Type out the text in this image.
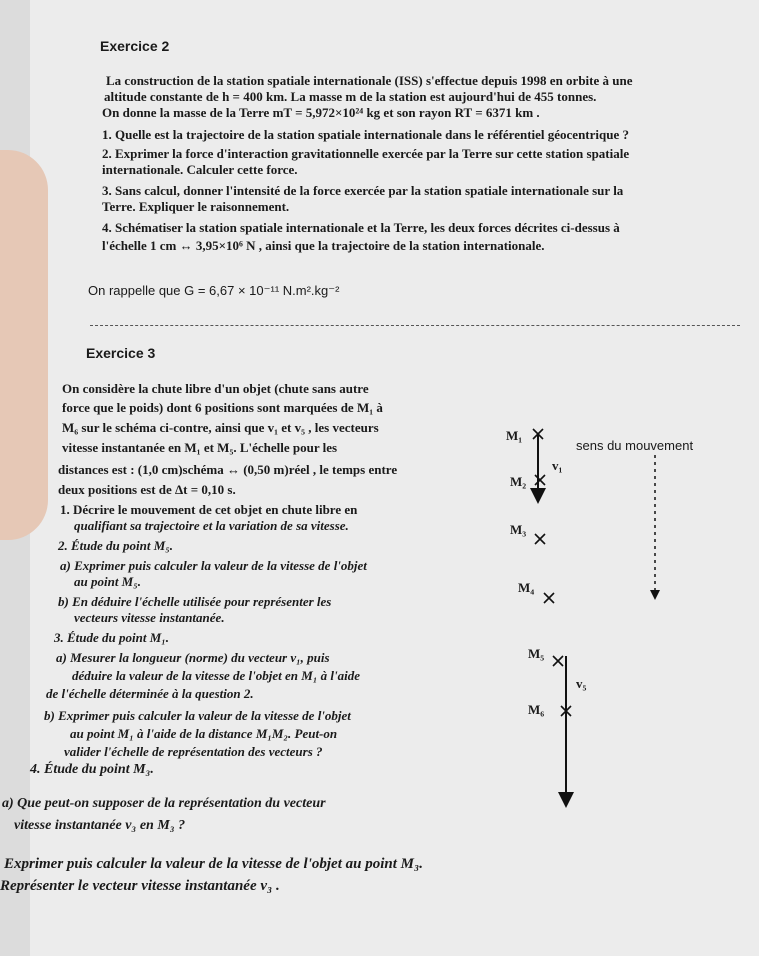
Exercice 2
La construction de la station spatiale internationale (ISS) s'effectue depuis 1998 en orbite à une
altitude constante de h = 400 km. La masse m de la station est aujourd'hui de 455 tonnes.
On donne la masse de la Terre mT = 5,972×10²⁴ kg et son rayon RT = 6371 km .
1. Quelle est la trajectoire de la station spatiale internationale dans le référentiel géocentrique ?
2. Exprimer la force d'interaction gravitationnelle exercée par la Terre sur cette station spatiale
internationale. Calculer cette force.
3. Sans calcul, donner l'intensité de la force exercée par la station spatiale internationale sur la
Terre. Expliquer le raisonnement.
4. Schématiser la station spatiale internationale et la Terre, les deux forces décrites ci-dessus à
l'échelle 1 cm ↔ 3,95×10⁶ N , ainsi que la trajectoire de la station internationale.
On rappelle que G = 6,67 × 10⁻¹¹ N.m².kg⁻²
Exercice 3
On considère la chute libre d'un objet (chute sans autre
force que le poids) dont 6 positions sont marquées de M₁ à
M₆ sur le schéma ci-contre, ainsi que v₁ et v₅ , les vecteurs
vitesse instantanée en M₁ et M₅. L'échelle pour les
distances est : (1,0 cm)schéma ↔ (0,50 m)réel , le temps entre
deux positions est de Δt = 0,10 s.
1. Décrire le mouvement de cet objet en chute libre en
qualifiant sa trajectoire et la variation de sa vitesse.
2. Étude du point M₅.
a) Exprimer puis calculer la valeur de la vitesse de l'objet
au point M₅.
b) En déduire l'échelle utilisée pour représenter les
vecteurs vitesse instantanée.
3. Étude du point M₁.
a) Mesurer la longueur (norme) du vecteur v₁, puis
déduire la valeur de la vitesse de l'objet en M₁ à l'aide
de l'échelle déterminée à la question 2.
b) Exprimer puis calculer la valeur de la vitesse de l'objet
au point M₁ à l'aide de la distance M₁M₂. Peut-on
valider l'échelle de représentation des vecteurs ?
4. Étude du point M₃.
a) Que peut-on supposer de la représentation du vecteur
vitesse instantanée v₃ en M₃ ?
Exprimer puis calculer la valeur de la vitesse de l'objet au point M₃.
Représenter le vecteur vitesse instantanée v₃ .
M₁
M₂
M₃
M₄
M₅
M₆
v₁
v₅
sens du mouvement
